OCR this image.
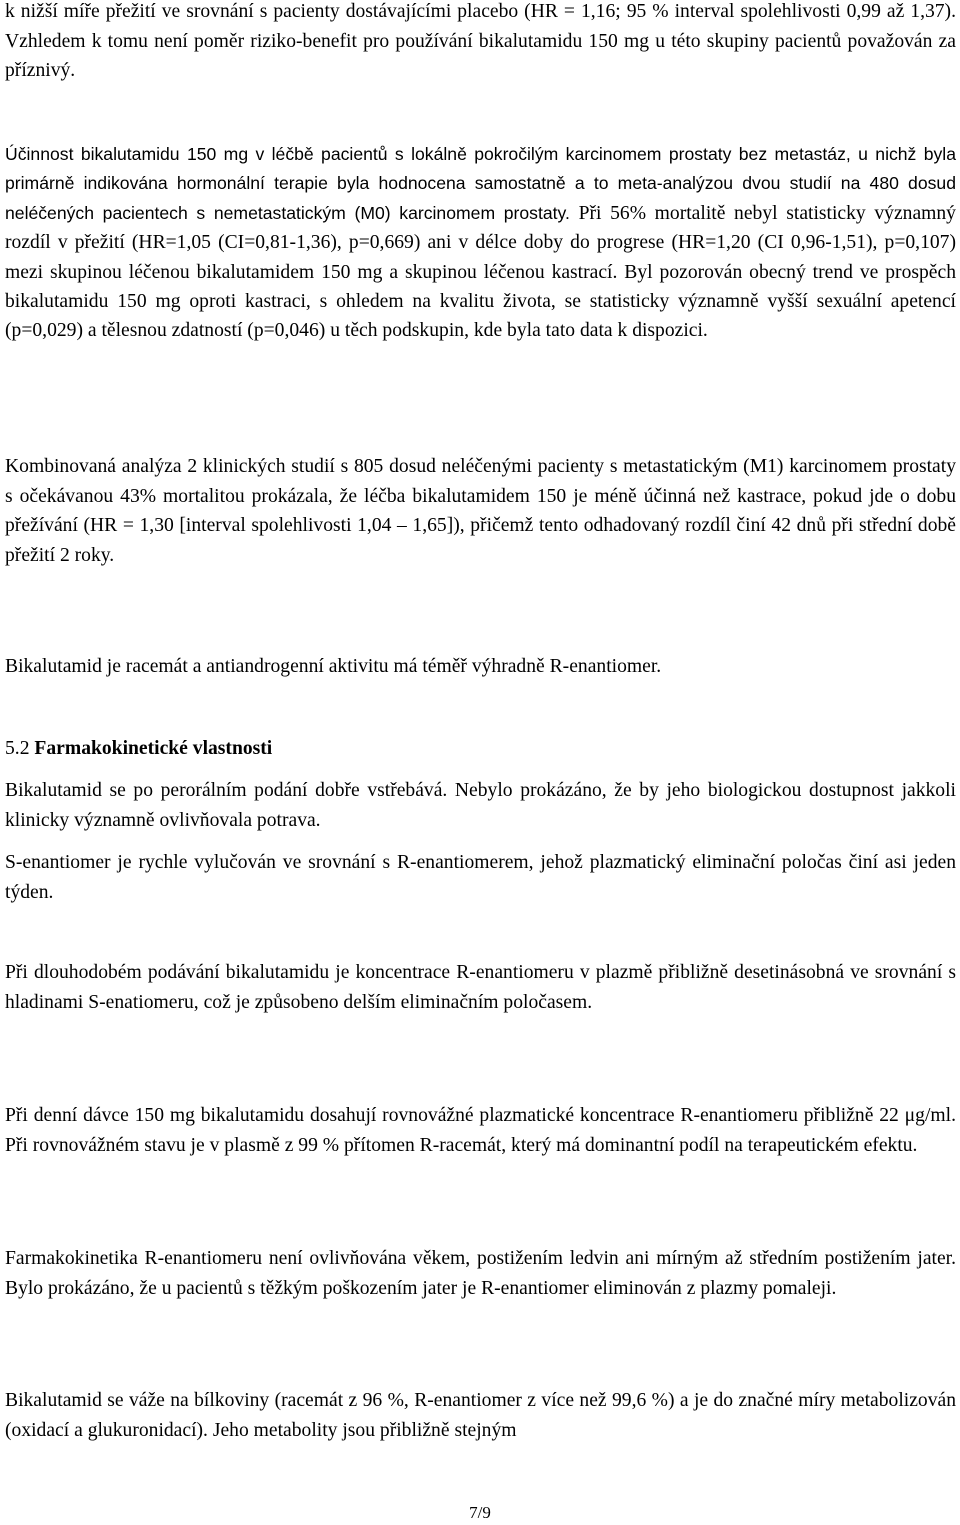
k nižší míře přežití ve srovnání s pacienty dostávajícími placebo (HR = 1,16; 95 % interval spolehlivosti 0,99 až 1,37). Vzhledem k tomu není poměr riziko-benefit pro používání bikalutamidu 150 mg u této skupiny pacientů považován za příznivý.

Účinnost bikalutamidu 150 mg v léčbě pacientů s lokálně pokročilým karcinomem prostaty bez metastáz, u nichž byla primárně indikována hormonální terapie byla hodnocena samostatně a to meta-analýzou dvou studií na 480 dosud neléčených pacientech s nemetastatickým (M0) karcinomem prostaty. Při 56% mortalitě nebyl statisticky významný rozdíl v přežití (HR=1,05 (CI=0,81-1,36), p=0,669) ani v délce doby do progrese (HR=1,20 (CI 0,96-1,51), p=0,107) mezi skupinou léčenou bikalutamidem 150 mg a skupinou léčenou kastrací. Byl pozorován obecný trend ve prospěch bikalutamidu 150 mg oproti kastraci, s ohledem na kvalitu života, se statisticky významně vyšší sexuální apetencí (p=0,029) a tělesnou zdatností (p=0,046) u těch podskupin, kde byla tato data k dispozici.

Kombinovaná analýza 2 klinických studií s 805 dosud neléčenými pacienty s metastatickým (M1) karcinomem prostaty s očekávanou 43% mortalitou prokázala, že léčba bikalutamidem 150 je méně účinná než kastrace, pokud jde o dobu přežívání (HR = 1,30 [interval spolehlivosti 1,04 – 1,65]), přičemž tento odhadovaný rozdíl činí 42 dnů při střední době přežití 2 roky.

Bikalutamid je racemát a antiandrogenní aktivitu má téměř výhradně R-enantiomer.

5.2 Farmakokinetické vlastnosti

Bikalutamid se po perorálním podání dobře vstřebává. Nebylo prokázáno, že by jeho biologickou dostupnost jakkoli klinicky významně ovlivňovala potrava.

S-enantiomer je rychle vylučován ve srovnání s R-enantiomerem, jehož plazmatický eliminační poločas činí asi jeden týden.

Při dlouhodobém podávání bikalutamidu je koncentrace R-enantiomeru v plazmě přibližně desetinásobná ve srovnání s hladinami S-enatiomeru, což je způsobeno delším eliminačním poločasem.

Při denní dávce 150 mg bikalutamidu dosahují rovnovážné plazmatické koncentrace R-enantiomeru přibližně 22 μg/ml. Při rovnovážném stavu je v plasmě z 99 % přítomen R-racemát, který má dominantní podíl na terapeutickém efektu.

Farmakokinetika R-enantiomeru není ovlivňována věkem, postižením ledvin ani mírným až středním postižením jater. Bylo prokázáno, že u pacientů s těžkým poškozením jater je R-enantiomer eliminován z plazmy pomaleji.

Bikalutamid se váže na bílkoviny (racemát z 96 %, R-enantiomer z více než 99,6 %) a je do značné míry metabolizován (oxidací a glukuronidací). Jeho metabolity jsou přibližně stejným

7/9
